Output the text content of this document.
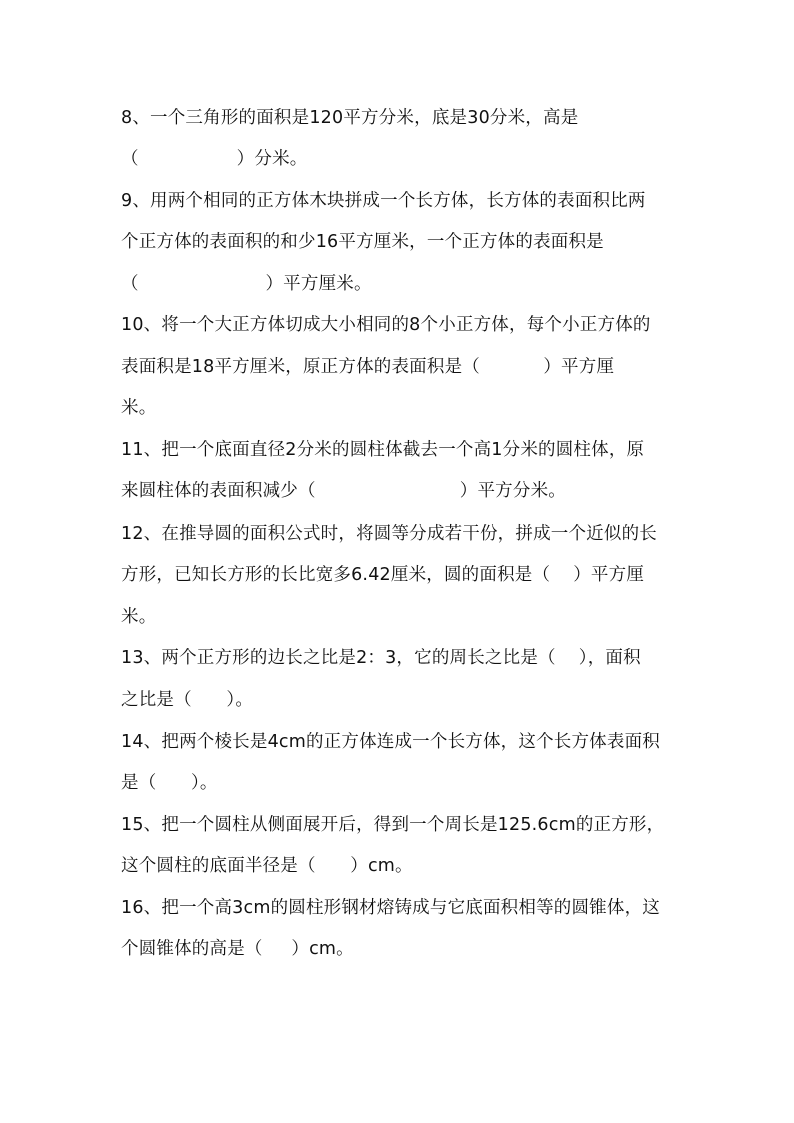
8、一个三角形的面积是120平方分米，底是30分米，高是
（                 ）分米。
9、用两个相同的正方体木块拼成一个长方体，长方体的表面积比两
个正方体的表面积的和少16平方厘米，一个正方体的表面积是
（                      ）平方厘米。
10、将一个大正方体切成大小相同的8个小正方体，每个小正方体的
表面积是18平方厘米，原正方体的表面积是（           ）平方厘
米。
11、把一个底面直径2分米的圆柱体截去一个高1分米的圆柱体，原
来圆柱体的表面积减少（                         ）平方分米。
12、在推导圆的面积公式时，将圆等分成若干份，拼成一个近似的长
方形，已知长方形的长比宽多6.42厘米，圆的面积是（    ）平方厘
米。
13、两个正方形的边长之比是2：3，它的周长之比是（    ），面积
之比是（      ）。
14、把两个棱长是4cm的正方体连成一个长方体，这个长方体表面积
是（      ）。
15、把一个圆柱从侧面展开后，得到一个周长是125.6cm的正方形，
这个圆柱的底面半径是（      ）cm。
16、把一个高3cm的圆柱形钢材熔铸成与它底面积相等的圆锥体，这
个圆锥体的高是（     ）cm。
